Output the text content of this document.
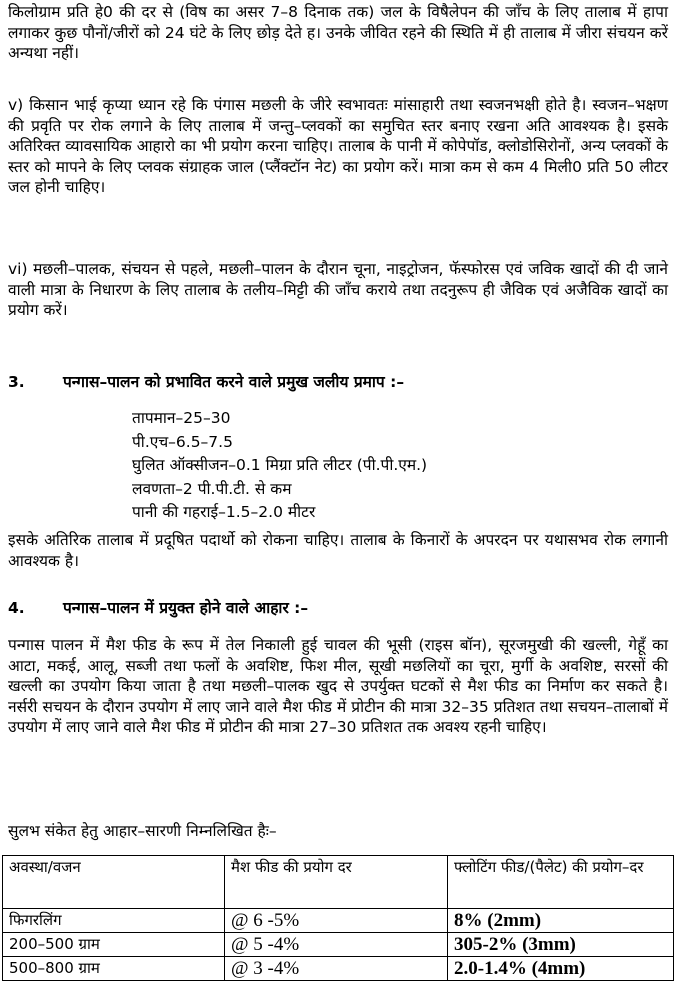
किलोग्राम प्रति हे0 की दर से (विष का असर 7–8 दिनाक तक) जल के विषैलेपन की जाँच के लिए तालाब में हापा लगाकर कुछ पौनों/जीरों को 24 घंटे के लिए छोड़ देते ह। उनके जीवित रहने की स्थिति में ही तालाब में जीरा संचयन करें अन्यथा नहीं।

v) किसान भाई कृप्या ध्यान रहे कि पंगास मछली के जीरे स्वभावतः मांसाहारी तथा स्वजनभक्षी होते है। स्वजन–भक्षण की प्रवृति पर रोक लगाने के लिए तालाब में जन्तु–प्लवकों का समुचित स्तर बनाए रखना अति आवश्यक है। इसके अतिरिक्त व्यावसायिक आहारो का भी प्रयोग करना चाहिए। तालाब के पानी में कोपेपॉड, क्लोडोसिरोनों, अन्य प्लवकों के स्तर को मापने के लिए प्लवक संग्राहक जाल (प्लैंक्टॉन नेट) का प्रयोग करें। मात्रा कम से कम 4 मिली0 प्रति 50 लीटर जल होनी चाहिए।

vi) मछली–पालक, संचयन से पहले, मछली–पालन के दौरान चूना, नाइट्रोजन, फॅस्फोरस एवं जविक खादों की दी जाने वाली मात्रा के निधारण के लिए तालाब के तलीय–मिट्टी की जाँच कराये तथा तदनुरूप ही जैविक एवं अजैविक खादों का प्रयोग करें।

3. पन्गास–पालन को प्रभावित करने वाले प्रमुख जलीय प्रमाप :–
तापमान–25–30
पी.एच–6.5–7.5
घुलित ऑक्सीजन–0.1 मिग्रा प्रति लीटर (पी.पी.एम.)
लवणता–2 पी.पी.टी. से कम
पानी की गहराई–1.5–2.0 मीटर

इसके अतिरिक तालाब में प्रदूषित पदार्थो को रोकना चाहिए। तालाब के किनारों के अपरदन पर यथासभव रोक लगानी आवश्यक है।

4. पन्गास–पालन में प्रयुक्त होने वाले आहार :–

पन्गास पालन में मैश फीड के रूप में तेल निकाली हुई चावल की भूसी (राइस बॉन), सूरजमुखी की खल्ली, गेहूँ का आटा, मकई, आलू, सब्जी तथा फलों के अवशिष्ट, फिश मील, सूखी मछलियों का चूरा, मुर्गी के अवशिष्ट, सरसों की खल्ली का उपयोग किया जाता है तथा मछली–पालक खुद से उपर्युक्त घटकों से मैश फीड का निर्माण कर सकते है। नर्सरी सचयन के दौरान उपयोग में लाए जाने वाले मैश फीड में प्रोटीन की मात्रा 32–35 प्रतिशत तथा सचयन–तालाबों में उपयोग में लाए जाने वाले मैश फीड में प्रोटीन की मात्रा 27–30 प्रतिशत तक अवश्य रहनी चाहिए।

सुलभ संकेत हेतु आहार–सारणी निम्नलिखित हैः–

अवस्था/वजन	मैश फीड की प्रयोग दर	फ्लोटिंग फीड/(पैलेट) की प्रयोग–दर
फिगरलिंग	@ 6 -5%	8% (2mm)
200–500 ग्राम	@ 5 -4%	305-2% (3mm)
500–800 ग्राम	@ 3 -4%	2.0-1.4% (4mm)
